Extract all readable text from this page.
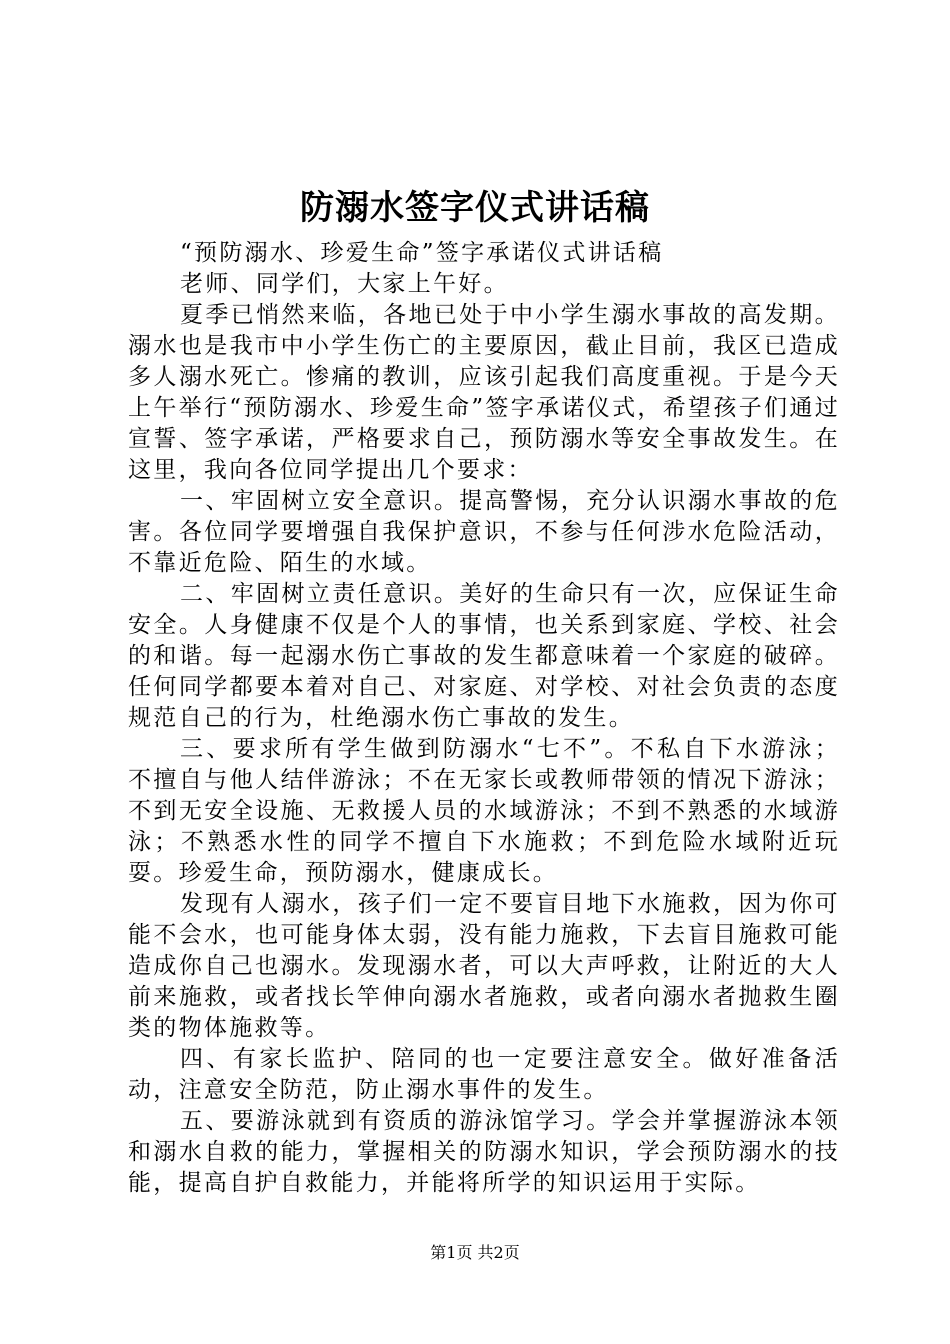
防溺水签字仪式讲话稿

“预防溺水、珍爱生命”签字承诺仪式讲话稿

老师、同学们，大家上午好。

夏季已悄然来临，各地已处于中小学生溺水事故的高发期。溺水也是我市中小学生伤亡的主要原因，截止目前，我区已造成多人溺水死亡。惨痛的教训，应该引起我们高度重视。于是今天上午举行“预防溺水、珍爱生命”签字承诺仪式，希望孩子们通过宣誓、签字承诺，严格要求自己，预防溺水等安全事故发生。在这里，我向各位同学提出几个要求：

一、牢固树立安全意识。提高警惕，充分认识溺水事故的危害。各位同学要增强自我保护意识，不参与任何涉水危险活动，不靠近危险、陌生的水域。

二、牢固树立责任意识。美好的生命只有一次，应保证生命安全。人身健康不仅是个人的事情，也关系到家庭、学校、社会的和谐。每一起溺水伤亡事故的发生都意味着一个家庭的破碎。任何同学都要本着对自己、对家庭、对学校、对社会负责的态度规范自己的行为，杜绝溺水伤亡事故的发生。

三、要求所有学生做到防溺水“七不”。不私自下水游泳；不擅自与他人结伴游泳；不在无家长或教师带领的情况下游泳；不到无安全设施、无救援人员的水域游泳；不到不熟悉的水域游泳；不熟悉水性的同学不擅自下水施救；不到危险水域附近玩耍。珍爱生命，预防溺水，健康成长。

发现有人溺水，孩子们一定不要盲目地下水施救，因为你可能不会水，也可能身体太弱，没有能力施救，下去盲目施救可能造成你自己也溺水。发现溺水者，可以大声呼救，让附近的大人前来施救，或者找长竿伸向溺水者施救，或者向溺水者抛救生圈类的物体施救等。

四、有家长监护、陪同的也一定要注意安全。做好准备活动，注意安全防范，防止溺水事件的发生。

五、要游泳就到有资质的游泳馆学习。学会并掌握游泳本领和溺水自救的能力，掌握相关的防溺水知识，学会预防溺水的技能，提高自护自救能力，并能将所学的知识运用于实际。

第1页 共2页
